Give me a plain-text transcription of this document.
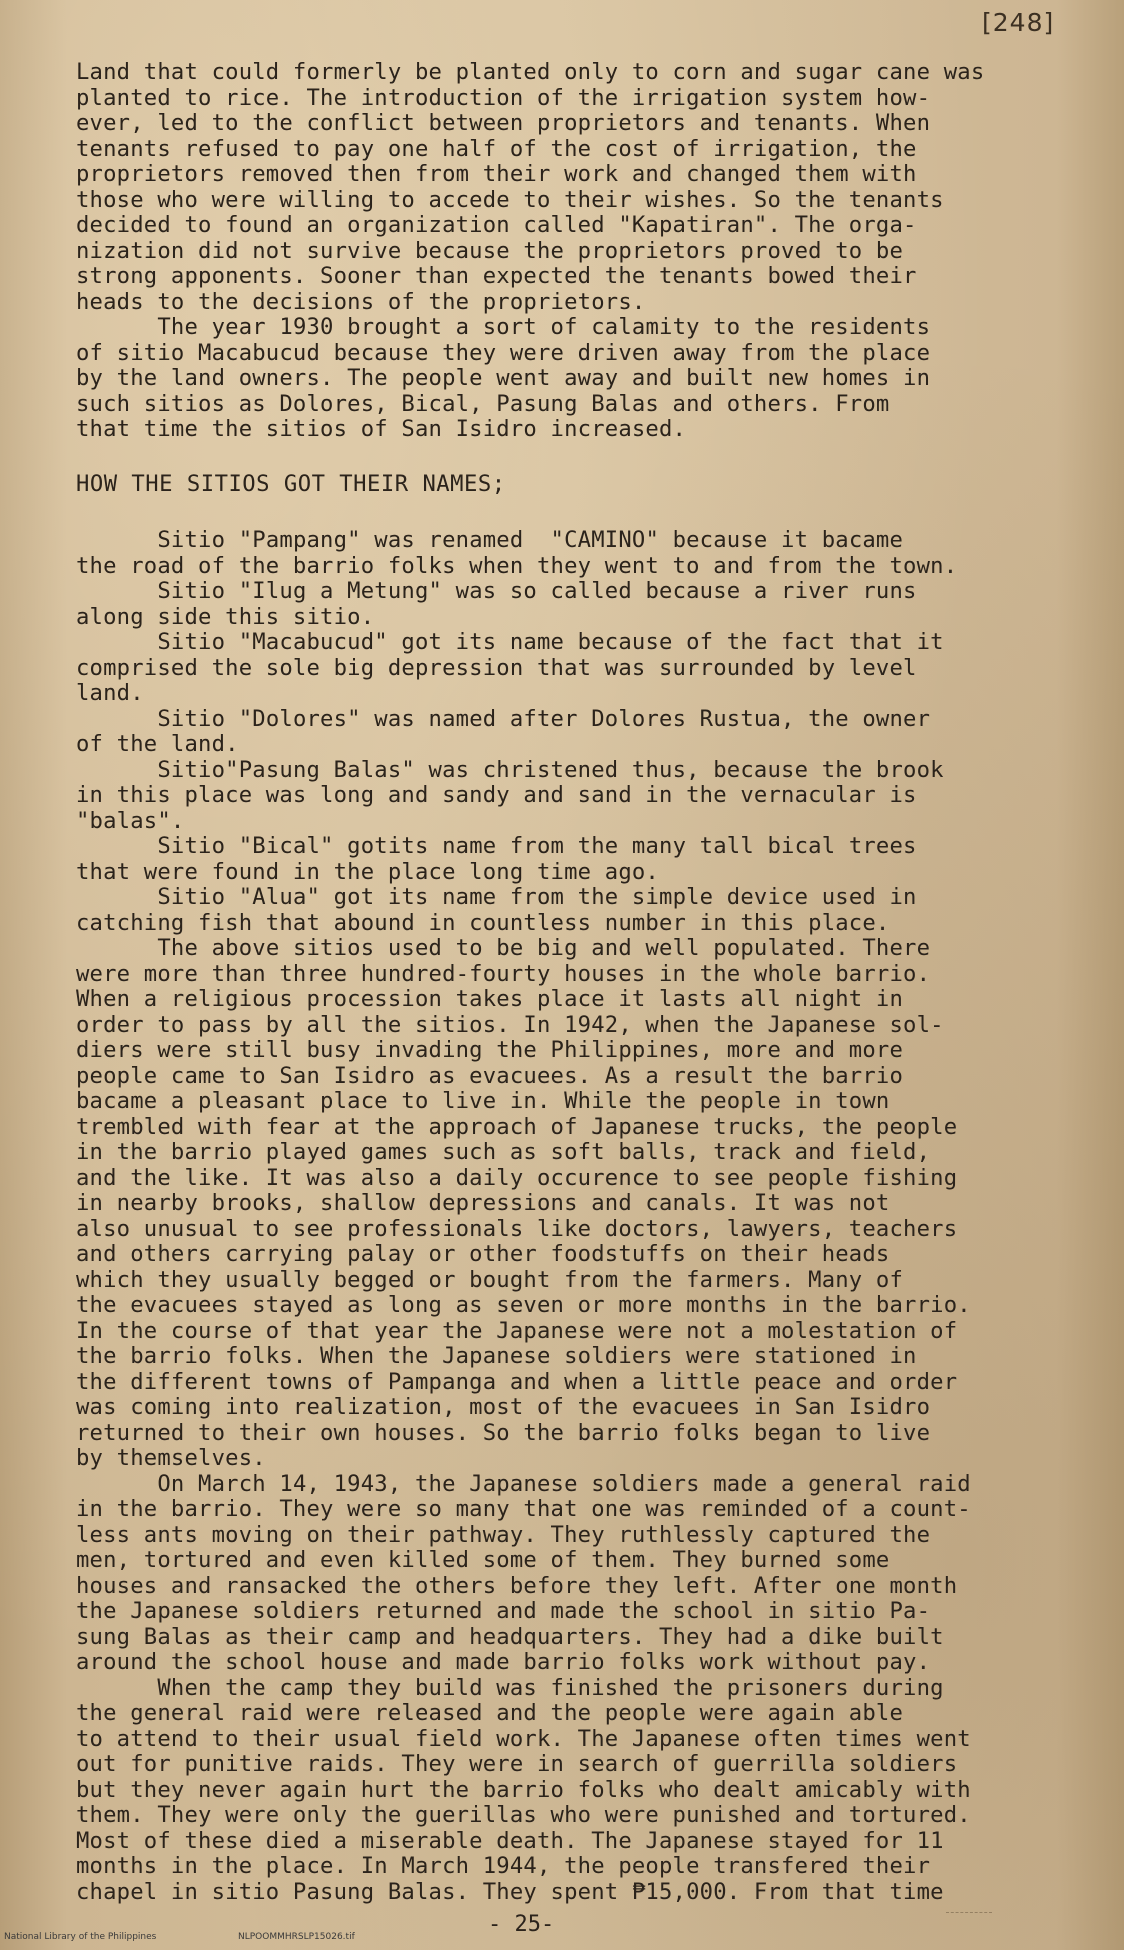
[248]

Land that could formerly be planted only to corn and sugar cane was
planted to rice. The introduction of the irrigation system how-
ever, led to the conflict between proprietors and tenants. When
tenants refused to pay one half of the cost of irrigation, the
proprietors removed then from their work and changed them with
those who were willing to accede to their wishes. So the tenants
decided to found an organization called "Kapatiran". The orga-
nization did not survive because the proprietors proved to be
strong apponents. Sooner than expected the tenants bowed their
heads to the decisions of the proprietors.

The year 1930 brought a sort of calamity to the residents
of sitio Macabucud because they were driven away from the place
by the land owners. The people went away and built new homes in
such sitios as Dolores, Bical, Pasung Balas and others. From
that time the sitios of San Isidro increased.

HOW THE SITIOS GOT THEIR NAMES;

Sitio "Pampang" was renamed  "CAMINO" because it bacame
the road of the barrio folks when they went to and from the town.

Sitio "Ilug a Metung" was so called because a river runs
along side this sitio.

Sitio "Macabucud" got its name because of the fact that it
comprised the sole big depression that was surrounded by level
land.

Sitio "Dolores" was named after Dolores Rustua, the owner
of the land.

Sitio"Pasung Balas" was christened thus, because the brook
in this place was long and sandy and sand in the vernacular is
"balas".

Sitio "Bical" gotits name from the many tall bical trees
that were found in the place long time ago.

Sitio "Alua" got its name from the simple device used in
catching fish that abound in countless number in this place.

The above sitios used to be big and well populated. There
were more than three hundred-fourty houses in the whole barrio.
When a religious procession takes place it lasts all night in
order to pass by all the sitios. In 1942, when the Japanese sol-
diers were still busy invading the Philippines, more and more
people came to San Isidro as evacuees. As a result the barrio
bacame a pleasant place to live in. While the people in town
trembled with fear at the approach of Japanese trucks, the people
in the barrio played games such as soft balls, track and field,
and the like. It was also a daily occurence to see people fishing
in nearby brooks, shallow depressions and canals. It was not
also unusual to see professionals like doctors, lawyers, teachers
and others carrying palay or other foodstuffs on their heads
which they usually begged or bought from the farmers. Many of
the evacuees stayed as long as seven or more months in the barrio.
In the course of that year the Japanese were not a molestation of
the barrio folks. When the Japanese soldiers were stationed in
the different towns of Pampanga and when a little peace and order
was coming into realization, most of the evacuees in San Isidro
returned to their own houses. So the barrio folks began to live
by themselves.

On March 14, 1943, the Japanese soldiers made a general raid
in the barrio. They were so many that one was reminded of a count-
less ants moving on their pathway. They ruthlessly captured the
men, tortured and even killed some of them. They burned some
houses and ransacked the others before they left. After one month
the Japanese soldiers returned and made the school in sitio Pa-
sung Balas as their camp and headquarters. They had a dike built
around the school house and made barrio folks work without pay.

When the camp they build was finished the prisoners during
the general raid were released and the people were again able
to attend to their usual field work. The Japanese often times went
out for punitive raids. They were in search of guerrilla soldiers
but they never again hurt the barrio folks who dealt amicably with
them. They were only the guerillas who were punished and tortured.
Most of these died a miserable death. The Japanese stayed for 11
months in the place. In March 1944, the people transfered their
chapel in sitio Pasung Balas. They spent ₱15,000. From that time

- 25-
National Library of the Philippines	NLPOOMMHRSLP15026.tif
